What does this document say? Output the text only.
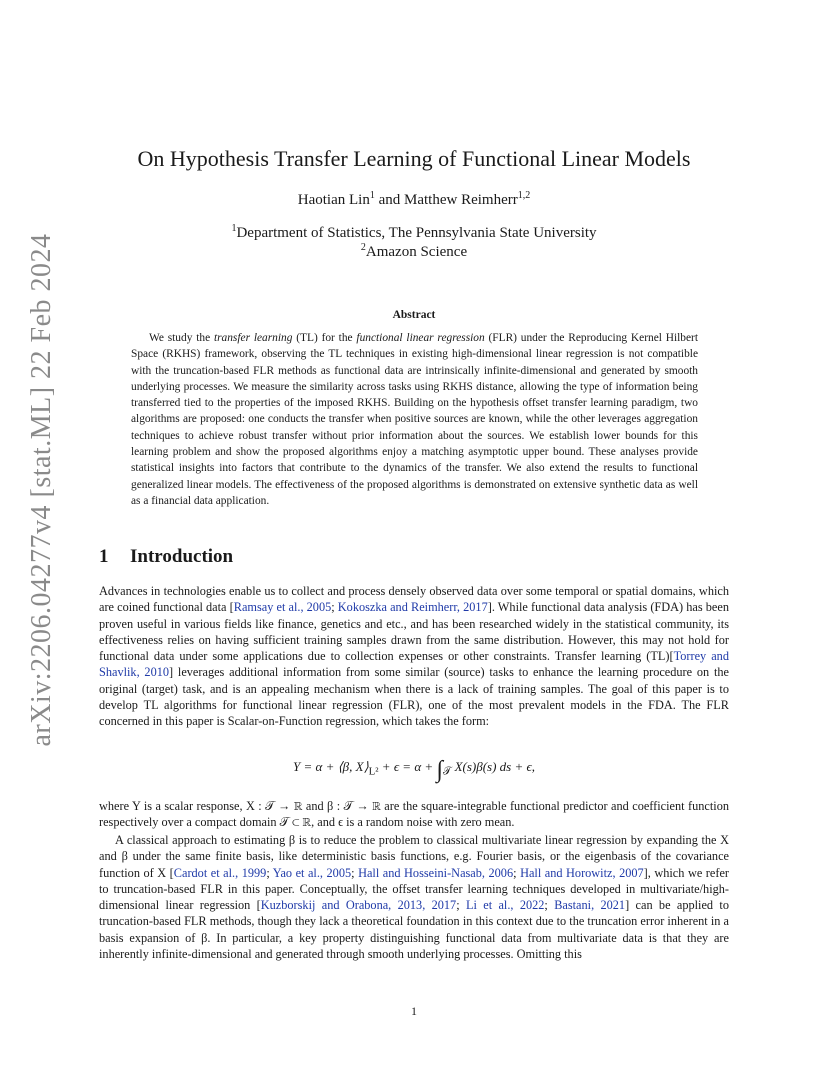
arXiv:2206.04277v4 [stat.ML] 22 Feb 2024
On Hypothesis Transfer Learning of Functional Linear Models
Haotian Lin$^1$ and Matthew Reimherr$^{1,2}$
$^1$Department of Statistics, The Pennsylvania State University
$^2$Amazon Science
Abstract

We study the transfer learning (TL) for the functional linear regression (FLR) under the Reproducing Kernel Hilbert Space (RKHS) framework, observing the TL techniques in existing high-dimensional linear regression is not compatible with the truncation-based FLR methods as functional data are intrinsically infinite-dimensional and generated by smooth underlying processes. We measure the similarity across tasks using RKHS distance, allowing the type of information being transferred tied to the properties of the imposed RKHS. Building on the hypothesis offset transfer learning paradigm, two algorithms are proposed: one conducts the transfer when positive sources are known, while the other leverages aggregation techniques to achieve robust transfer without prior information about the sources. We establish lower bounds for this learning problem and show the proposed algorithms enjoy a matching asymptotic upper bound. These analyses provide statistical insights into factors that contribute to the dynamics of the transfer. We also extend the results to functional generalized linear models. The effectiveness of the proposed algorithms is demonstrated on extensive synthetic data as well as a financial data application.

1 Introduction

Advances in technologies enable us to collect and process densely observed data over some temporal or spatial domains, which are coined functional data [Ramsay et al., 2005; Kokoszka and Reimherr, 2017]. While functional data analysis (FDA) has been proven useful in various fields like finance, genetics and etc., and has been researched widely in the statistical community, its effectiveness relies on having sufficient training samples drawn from the same distribution. However, this may not hold for functional data under some applications due to collection expenses or other constraints. Transfer learning (TL)[Torrey and Shavlik, 2010] leverages additional information from some similar (source) tasks to enhance the learning procedure on the original (target) task, and is an appealing mechanism when there is a lack of training samples. The goal of this paper is to develop TL algorithms for functional linear regression (FLR), one of the most prevalent models in the FDA. The FLR concerned in this paper is Scalar-on-Function regression, which takes the form:

Y = α + ⟨β, $X⟩_{L^2} + \epsilon = \alpha + \int_𝒯$ X(s)β(s) ds + ϵ,

where Y is a scalar response, X : 𝒯 → ℝ and β : 𝒯 → ℝ are the square-integrable functional predictor and coefficient function respectively over a compact domain 𝒯 ⊂ ℝ, and ϵ is a random noise with zero mean.

A classical approach to estimating β is to reduce the problem to classical multivariate linear regression by expanding the X and β under the same finite basis, like deterministic basis functions, e.g. Fourier basis, or the eigenbasis of the covariance function of X [Cardot et al., 1999; Yao et al., 2005; Hall and Hosseini-Nasab, 2006; Hall and Horowitz, 2007], which we refer to truncation-based FLR in this paper. Conceptually, the offset transfer learning techniques developed in multivariate/high-dimensional linear regression [Kuzborskij and Orabona, 2013, 2017; Li et al., 2022; Bastani, 2021] can be applied to truncation-based FLR methods, though they lack a theoretical foundation in this context due to the truncation error inherent in a basis expansion of β. In particular, a key property distinguishing functional data from multivariate data is that they are inherently infinite-dimensional and generated through smooth underlying processes. Omitting this

1
